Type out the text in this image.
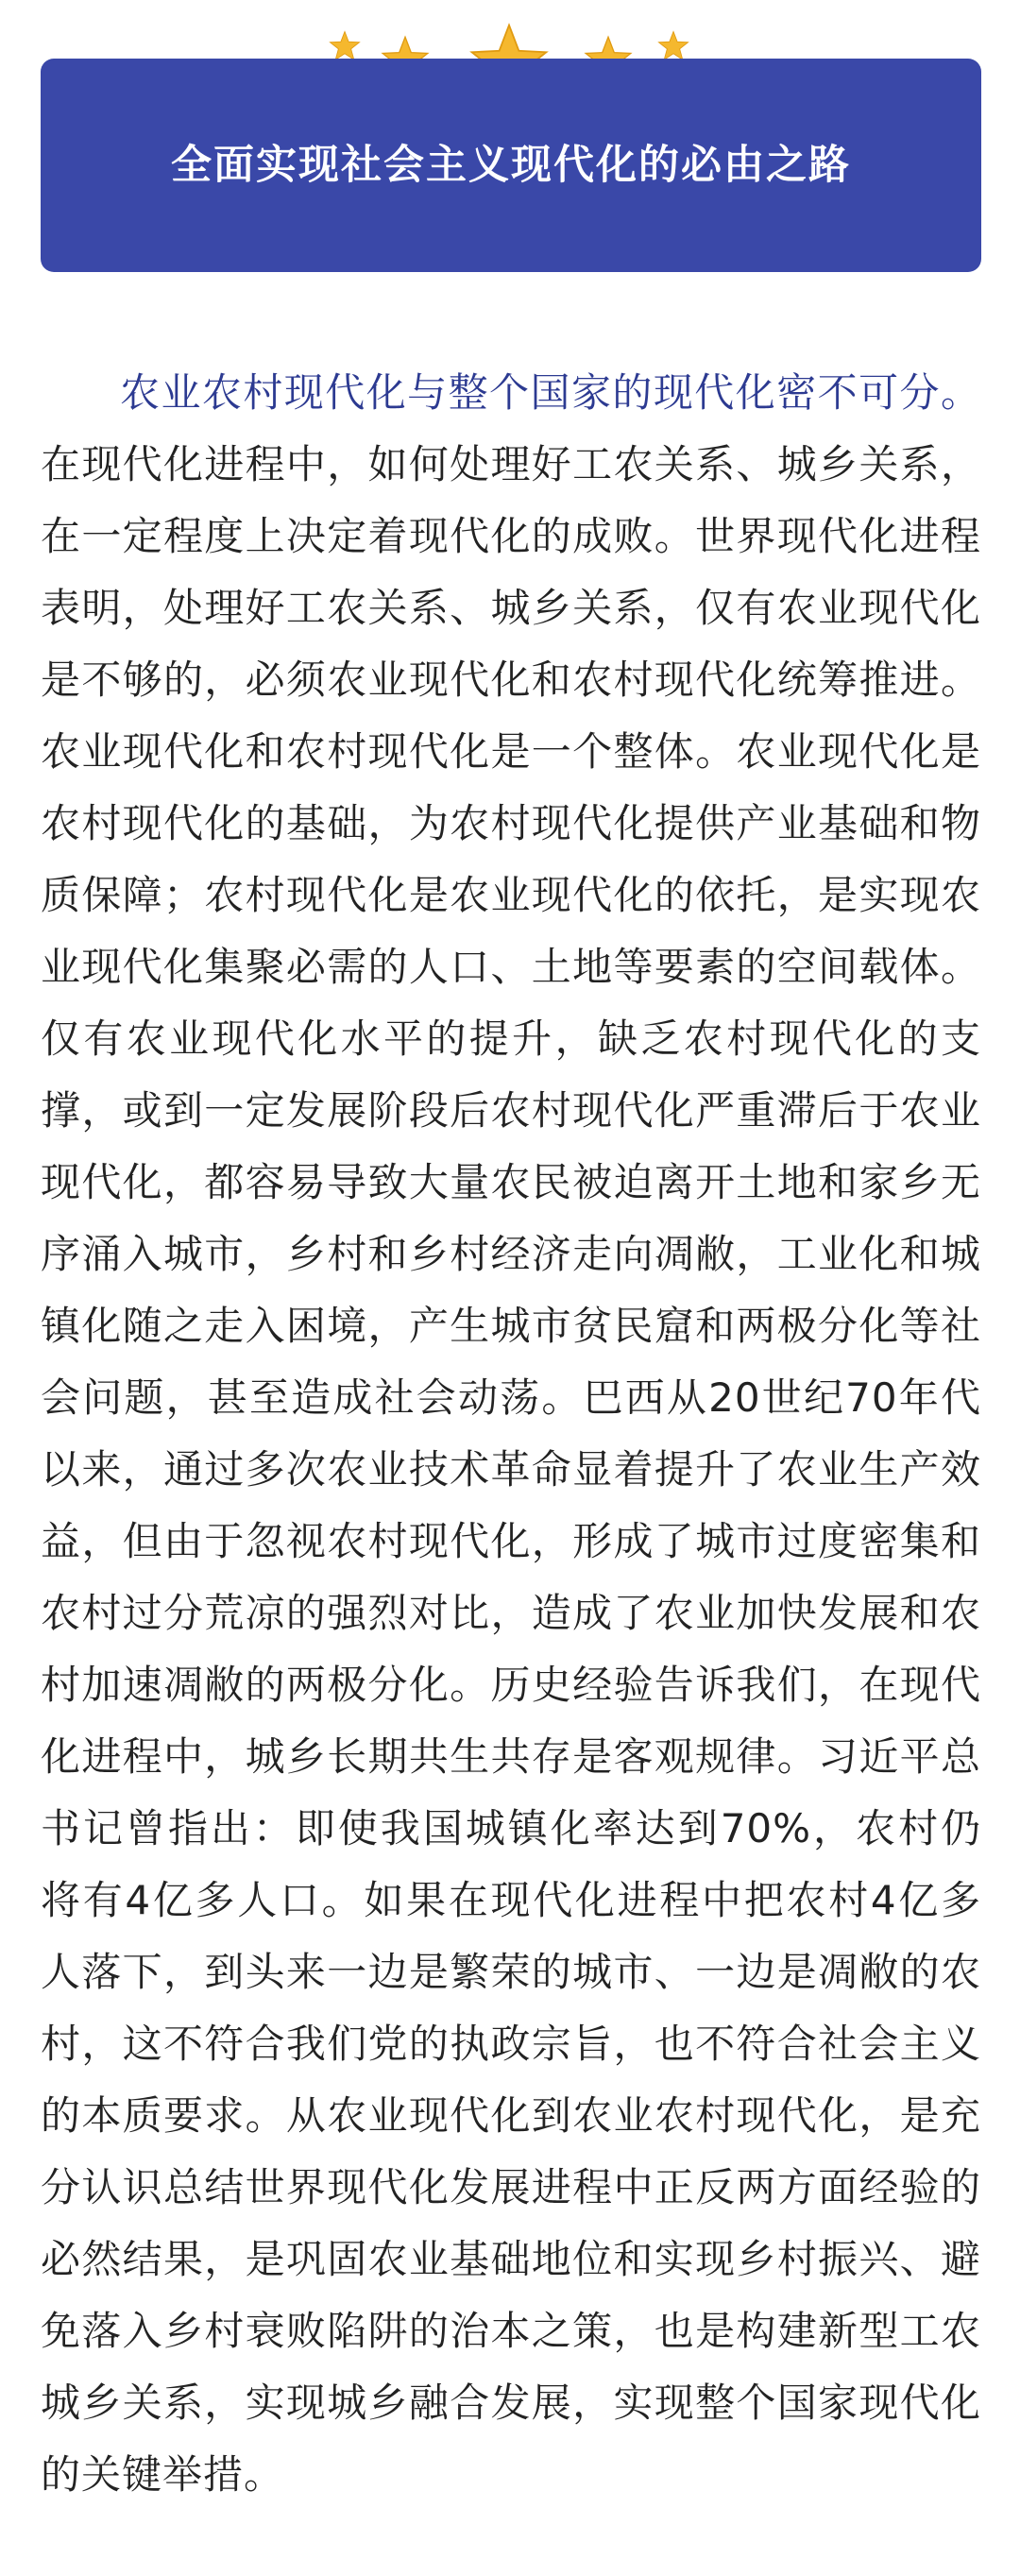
全面实现社会主义现代化的必由之路

农业农村现代化与整个国家的现代化密不可分。在现代化进程中，如何处理好工农关系、城乡关系，在一定程度上决定着现代化的成败。世界现代化进程表明，处理好工农关系、城乡关系，仅有农业现代化是不够的，必须农业现代化和农村现代化统筹推进。农业现代化和农村现代化是一个整体。农业现代化是农村现代化的基础，为农村现代化提供产业基础和物质保障；农村现代化是农业现代化的依托，是实现农业现代化集聚必需的人口、土地等要素的空间载体。仅有农业现代化水平的提升，缺乏农村现代化的支撑，或到一定发展阶段后农村现代化严重滞后于农业现代化，都容易导致大量农民被迫离开土地和家乡无序涌入城市，乡村和乡村经济走向凋敝，工业化和城镇化随之走入困境，产生城市贫民窟和两极分化等社会问题，甚至造成社会动荡。巴西从20世纪70年代以来，通过多次农业技术革命显着提升了农业生产效益，但由于忽视农村现代化，形成了城市过度密集和农村过分荒凉的强烈对比，造成了农业加快发展和农村加速凋敝的两极分化。历史经验告诉我们，在现代化进程中，城乡长期共生共存是客观规律。习近平总书记曾指出：即使我国城镇化率达到70%，农村仍将有4亿多人口。如果在现代化进程中把农村4亿多人落下，到头来一边是繁荣的城市、一边是凋敝的农村，这不符合我们党的执政宗旨，也不符合社会主义的本质要求。从农业现代化到农业农村现代化，是充分认识总结世界现代化发展进程中正反两方面经验的必然结果，是巩固农业基础地位和实现乡村振兴、避免落入乡村衰败陷阱的治本之策，也是构建新型工农城乡关系，实现城乡融合发展，实现整个国家现代化的关键举措。
